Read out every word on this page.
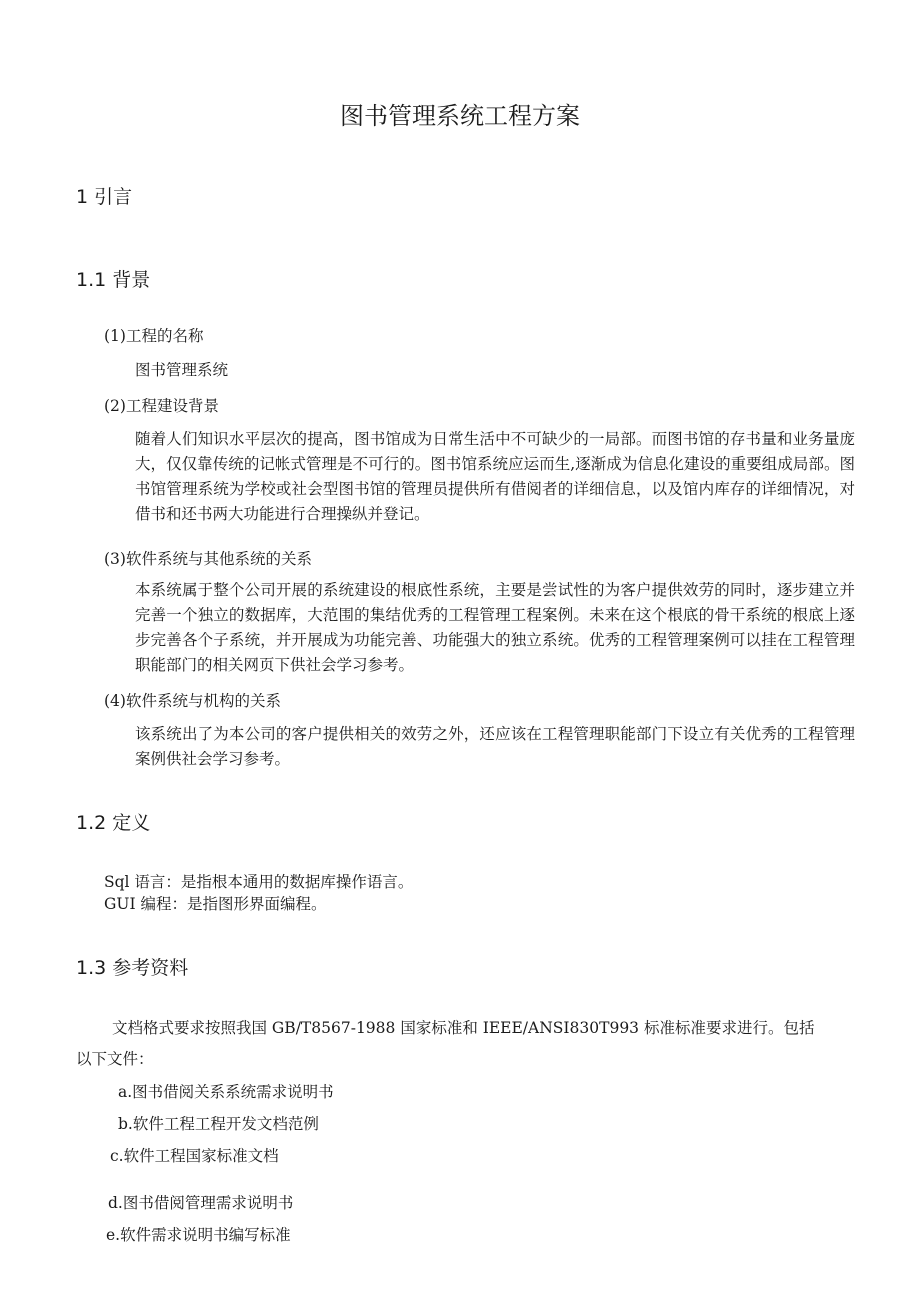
图书管理系统工程方案
1 引言
1.1 背景
(1)工程的名称
图书管理系统
(2)工程建设背景
随着人们知识水平层次的提高，图书馆成为日常生活中不可缺少的一局部。而图书馆的存书量和业务量庞大，仅仅靠传统的记帐式管理是不可行的。图书馆系统应运而生,逐渐成为信息化建设的重要组成局部。图书馆管理系统为学校或社会型图书馆的管理员提供所有借阅者的详细信息，以及馆内库存的详细情况，对借书和还书两大功能进行合理操纵并登记。
(3)软件系统与其他系统的关系
本系统属于整个公司开展的系统建设的根底性系统，主要是尝试性的为客户提供效劳的同时，逐步建立并完善一个独立的数据库，大范围的集结优秀的工程管理工程案例。未来在这个根底的骨干系统的根底上逐步完善各个子系统，并开展成为功能完善、功能强大的独立系统。优秀的工程管理案例可以挂在工程管理职能部门的相关网页下供社会学习参考。
(4)软件系统与机构的关系
该系统出了为本公司的客户提供相关的效劳之外，还应该在工程管理职能部门下设立有关优秀的工程管理案例供社会学习参考。
1.2 定义
Sql 语言：是指根本通用的数据库操作语言。
GUI 编程：是指图形界面编程。
1.3 参考资料
文档格式要求按照我国 GB/T8567-1988 国家标准和 IEEE/ANSI830T993 标准标准要求进行。包括
以下文件：
a.图书借阅关系系统需求说明书
b.软件工程工程开发文档范例
c.软件工程国家标准文档
d.图书借阅管理需求说明书
e.软件需求说明书编写标准
